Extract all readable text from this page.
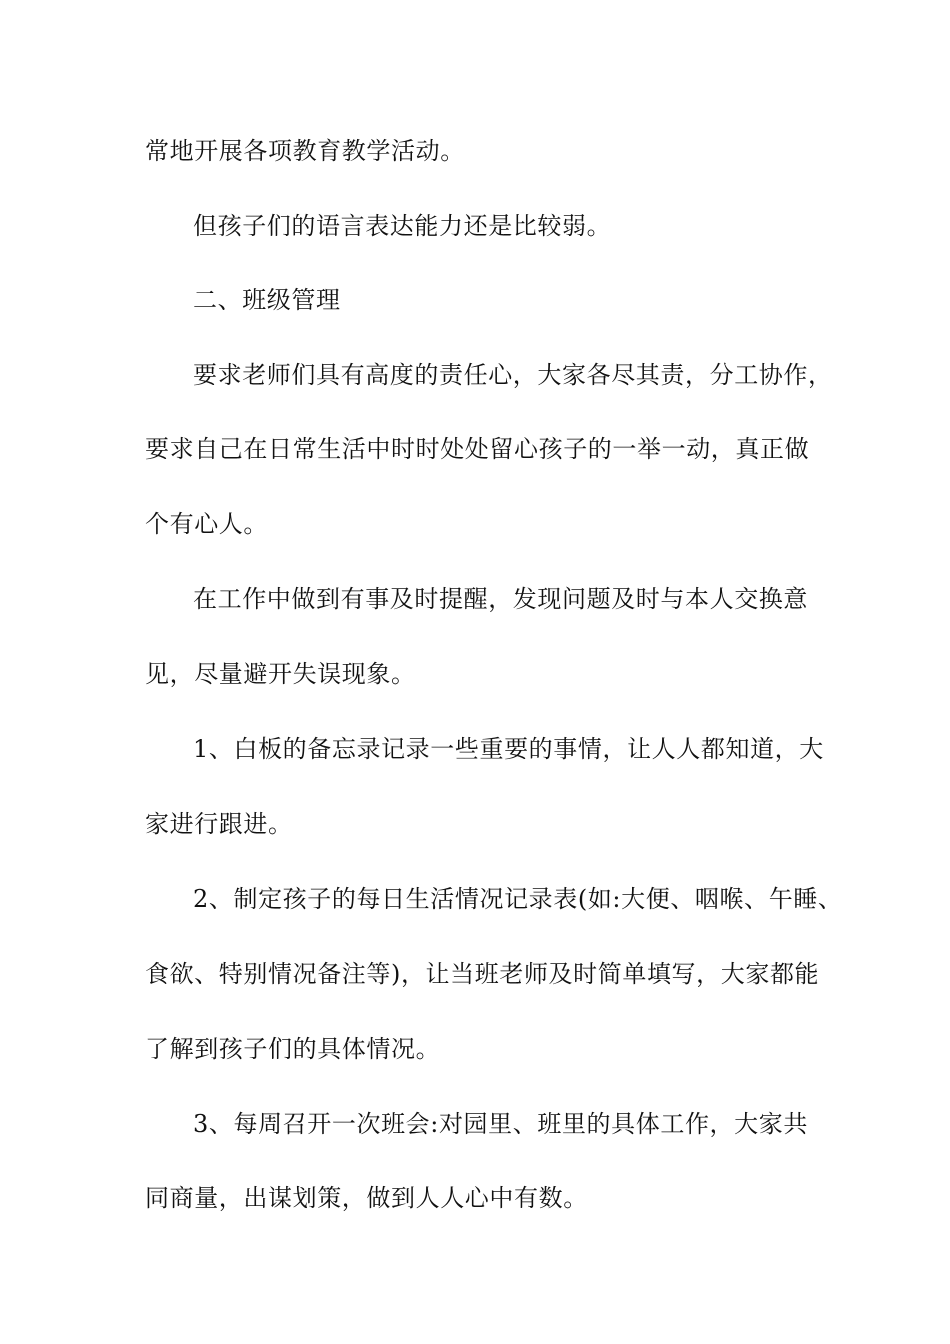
常地开展各项教育教学活动。
但孩子们的语言表达能力还是比较弱。
二、班级管理
要求老师们具有高度的责任心，大家各尽其责，分工协作，
要求自己在日常生活中时时处处留心孩子的一举一动，真正做
个有心人。
在工作中做到有事及时提醒，发现问题及时与本人交换意
见，尽量避开失误现象。
1、白板的备忘录记录一些重要的事情，让人人都知道，大
家进行跟进。
2、制定孩子的每日生活情况记录表(如:大便、咽喉、午睡、
食欲、特别情况备注等)，让当班老师及时简单填写，大家都能
了解到孩子们的具体情况。
3、每周召开一次班会:对园里、班里的具体工作，大家共
同商量，出谋划策，做到人人心中有数。
